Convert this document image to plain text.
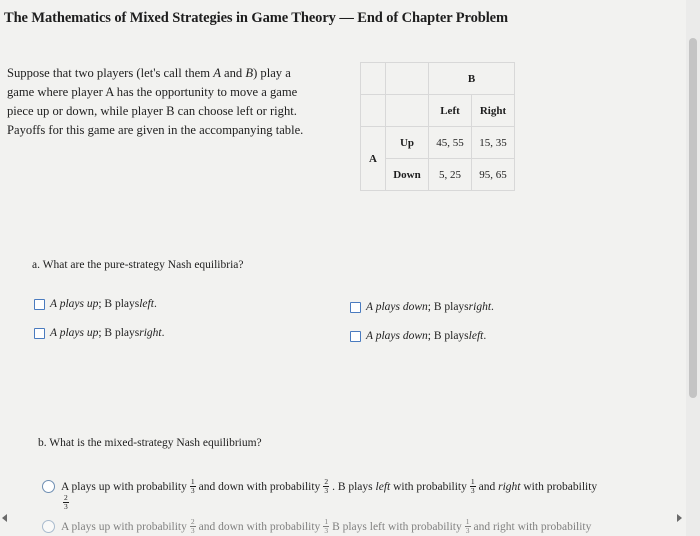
The Mathematics of Mixed Strategies in Game Theory — End of Chapter Problem
Suppose that two players (let's call them A and B) play a
game where player A has the opportunity to move a game
piece up or down, while player B can choose left or right.
Payoffs for this game are given in the accompanying table.
		B	
		Left	Right
A	Up	45, 55	15, 35
	Down	5, 25	95, 65
a. What are the pure-strategy Nash equilibria?
A plays up ; B plays left .
A plays up ; B plays right .
A plays down ; B plays right .
A plays down ; B plays left .
b. What is the mixed-strategy Nash equilibrium?
A plays up with probability $\frac{1}{3}$ and down with probability $\frac{2}{3}$ . B plays
left
with probability $\frac{1}{3}$ and
right
with probability
$\frac{2}{3}$
A plays up with probability $\frac{2}{3}$ and down with probability $\frac{1}{3}$ B plays left with probability $\frac{1}{3}$ and right with probability
